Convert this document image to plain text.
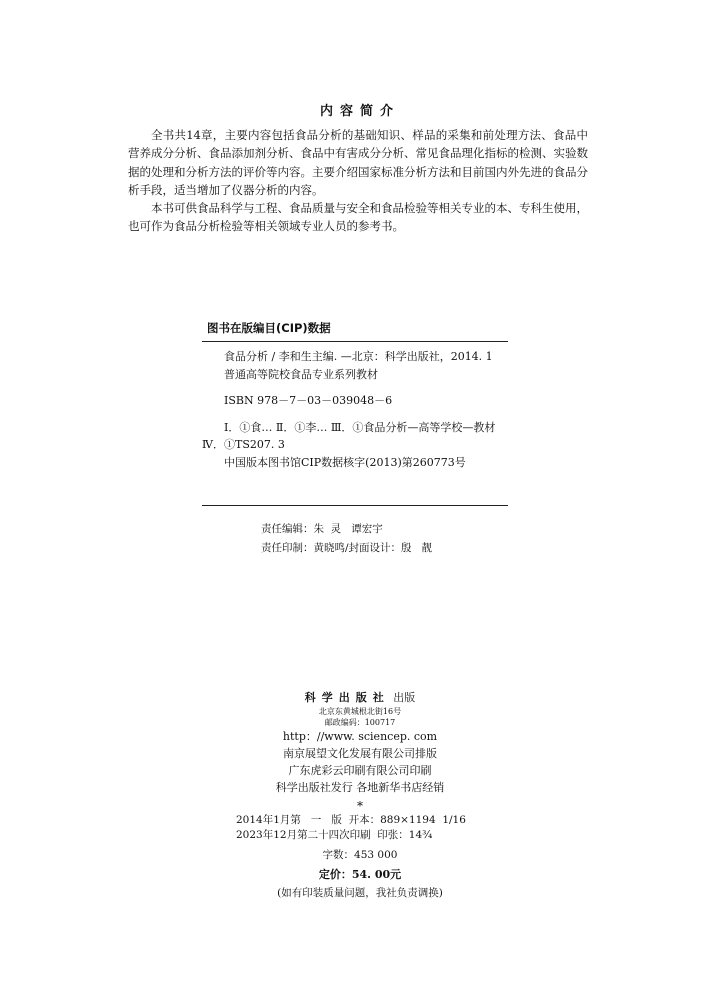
内容简介

全书共14章，主要内容包括食品分析的基础知识、样品的采集和前处理方法、食品中营养成分分析、食品添加剂分析、食品中有害成分分析、常见食品理化指标的检测、实验数据的处理和分析方法的评价等内容。主要介绍国家标准分析方法和目前国内外先进的食品分析手段，适当增加了仪器分析的内容。

本书可供食品科学与工程、食品质量与安全和食品检验等相关专业的本、专科生使用，也可作为食品分析检验等相关领域专业人员的参考书。

图书在版编目(CIP)数据

食品分析 / 李和生主编. —北京：科学出版社，2014. 1

普通高等院校食品专业系列教材

ISBN 978－7－03－039048－6

Ⅰ．①食… Ⅱ．①李… Ⅲ．①食品分析—高等学校—教材 Ⅳ．①TS207. 3

中国版本图书馆CIP数据核字(2013)第260773号

责任编辑：朱  灵   谭宏宇
责任印制：黄晓鸣/封面设计：殷   靓
科学出版社 出版
北京东黄城根北街16号
邮政编码：100717
http：//www. sciencep. com
南京展望文化发展有限公司排版
广东虎彩云印刷有限公司印刷
科学出版社发行 各地新华书店经销
*
2014年1月第   一   版  开本：889×1194  1/16
2023年12月第二十四次印刷  印张：14¾
字数：453 000
定价：54. 00元
(如有印装质量问题，我社负责调换)
